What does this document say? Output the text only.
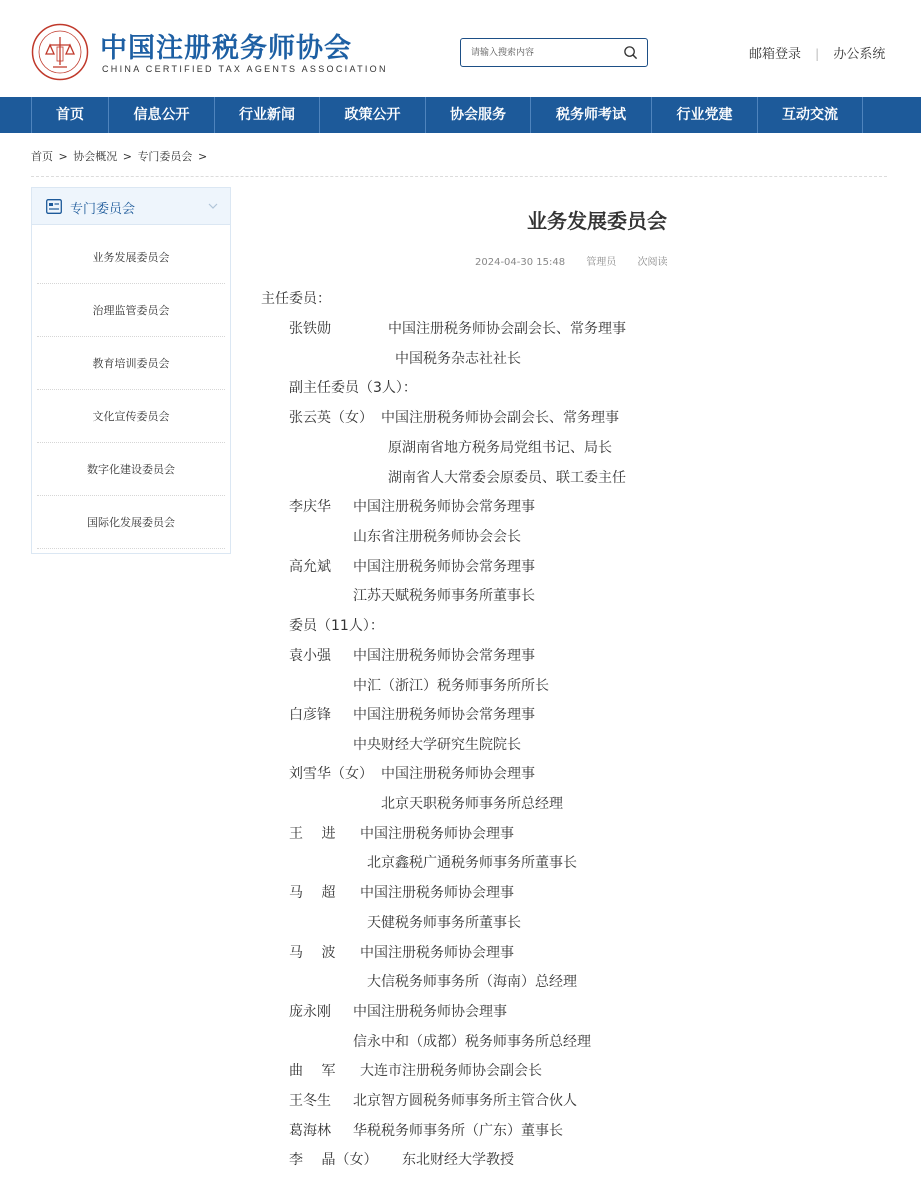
中国注册税务师协会
CHINA CERTIFIED TAX AGENTS ASSOCIATION
请输入搜索内容
邮箱登录 | 办公系统
首页	信息公开	行业新闻	政策公开	协会服务	税务师考试	行业党建	互动交流
首页 > 协会概况 > 专门委员会 >
专门委员会
业务发展委员会
治理监管委员会
教育培训委员会
文化宣传委员会
数字化建设委员会
国际化发展委员会
业务发展委员会
2024-04-30 15:48 管理员 次阅读
主任委员：
张铁勋	中国注册税务师协会副会长、常务理事
中国税务杂志社社长
副主任委员（3人）：
张云英（女） 中国注册税务师协会副会长、常务理事
原湖南省地方税务局党组书记、局长
湖南省人大常委会原委员、联工委主任
李庆华 中国注册税务师协会常务理事
山东省注册税务师协会会长
高允斌 中国注册税务师协会常务理事
江苏天赋税务师事务所董事长
委员（11人）：
袁小强 中国注册税务师协会常务理事
中汇（浙江）税务师事务所所长
白彦锋 中国注册税务师协会常务理事
中央财经大学研究生院院长
刘雪华（女） 中国注册税务师协会理事
北京天职税务师事务所总经理
王　 进 中国注册税务师协会理事
北京鑫税广通税务师事务所董事长
马　 超 中国注册税务师协会理事
天健税务师事务所董事长
马　 波 中国注册税务师协会理事
大信税务师事务所（海南）总经理
庞永刚 中国注册税务师协会理事
信永中和（成都）税务师事务所总经理
曲　 军 大连市注册税务师协会副会长
王冬生 北京智方圆税务师事务所主管合伙人
葛海林 华税税务师事务所（广东）董事长
李　 晶（女） 东北财经大学教授
